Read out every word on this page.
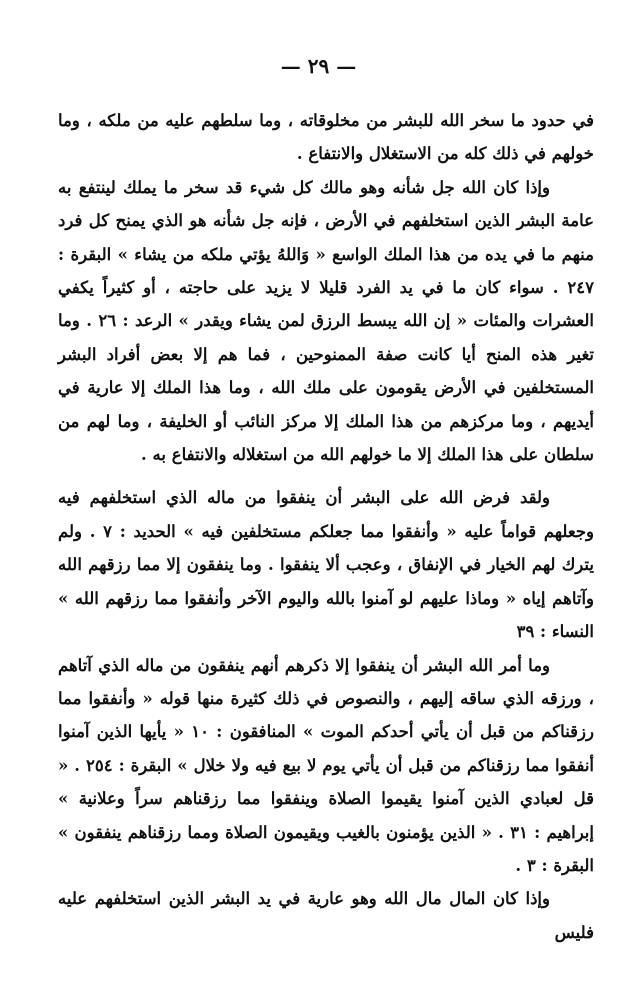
— ٢٩ —

في حدود ما سخر الله للبشر من مخلوقاته ، وما سلطهم عليه من ملكه ، وما خولهم في ذلك كله من الاستغلال والانتفاع .

وإذا كان الله جل شأنه وهو مالك كل شيء قد سخر ما يملك لينتفع به عامة البشر الذين استخلفهم في الأرض ، فإنه جل شأنه هو الذي يمنح كل فرد منهم ما في يده من هذا الملك الواسع « وَاللهُ يؤتي ملكه من يشاء » البقرة : ٢٤٧ . سواء كان ما في يد الفرد قليلا لا يزيد على حاجته ، أو كثيراً يكفي العشرات والمئات « إن الله يبسط الرزق لمن يشاء ويقدر » الرعد : ٢٦ . وما تغير هذه المنح أيا كانت صفة الممنوحين ، فما هم إلا بعض أفراد البشر المستخلفين في الأرض يقومون على ملك الله ، وما هذا الملك إلا عارية في أيديهم ، وما مركزهم من هذا الملك إلا مركز النائب أو الخليفة ، وما لهم من سلطان على هذا الملك إلا ما خولهم الله من استغلاله والانتفاع به .

ولقد فرض الله على البشر أن ينفقوا من ماله الذي استخلفهم فيه وجعلهم قواماً عليه « وأنفقوا مما جعلكم مستخلفين فيه » الحديد : ٧ . ولم يترك لهم الخيار في الإنفاق ، وعجب ألا ينفقوا . وما ينفقون إلا مما رزقهم الله وآتاهم إياه « وماذا عليهم لو آمنوا بالله واليوم الآخر وأنفقوا مما رزقهم الله » النساء : ٣٩

وما أمر الله البشر أن ينفقوا إلا ذكرهم أنهم ينفقون من ماله الذي آتاهم ، ورزقه الذي ساقه إليهم ، والنصوص في ذلك كثيرة منها قوله « وأنفقوا مما رزقناكم من قبل أن يأتي أحدكم الموت » المنافقون : ١٠ « يأيها الذين آمنوا أنفقوا مما رزقناكم من قبل أن يأتي يوم لا بيع فيه ولا خلال » البقرة : ٢٥٤ . « قل لعبادي الذين آمنوا يقيموا الصلاة وينفقوا مما رزقناهم سراً وعلانية » إبراهيم : ٣١ . « الذين يؤمنون بالغيب ويقيمون الصلاة ومما رزقناهم ينفقون » البقرة : ٣ .

وإذا كان المال مال الله وهو عارية في يد البشر الذين استخلفهم عليه فليس
